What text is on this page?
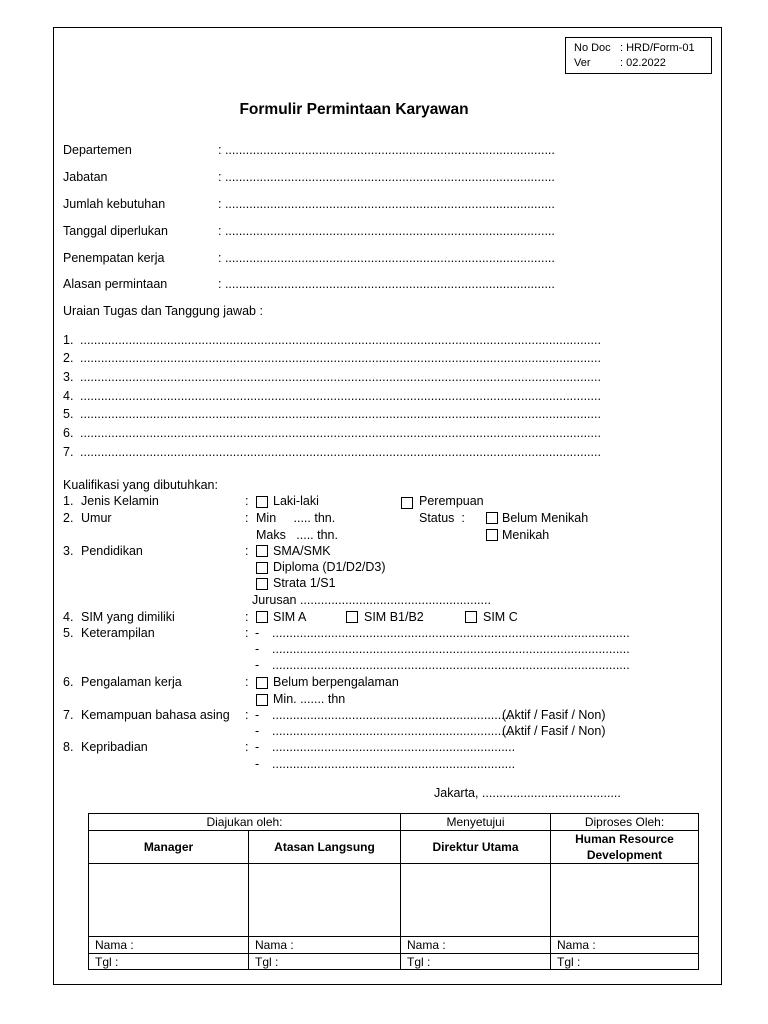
No Doc : HRD/Form-01
Ver	: 02.2022
Formulir Permintaan Karyawan
Departemen	: ...............................................................................................
Jabatan	: ...............................................................................................
Jumlah kebutuhan	: ...............................................................................................
Tanggal diperlukan	: ...............................................................................................
Penempatan kerja	: ...............................................................................................
Alasan permintaan	: ...............................................................................................
Uraian Tugas dan Tanggung jawab :
1. ......................................................................................................................................................
2. ......................................................................................................................................................
3. ......................................................................................................................................................
4. ......................................................................................................................................................
5. ......................................................................................................................................................
6. ......................................................................................................................................................
7. ......................................................................................................................................................
Kualifikasi yang dibutuhkan:
1. Jenis Kelamin	: Laki-laki	Perempuan
2. Umur	: Min     ..... thn.
Maks   ..... thn.
Status  :	Belum Menikah
Menikah
3. Pendidikan	: SMA/SMK
Diploma (D1/D2/D3)
Strata 1/S1
Jurusan .......................................................
4. SIM yang dimiliki	: SIM A	SIM B1/B2	SIM C
5. Keterampilan	: - .......................................................................................................
- .......................................................................................................
- .......................................................................................................
6. Pengalaman kerja	: Belum berpengalaman
Min. ....... thn
7. Kemampuan bahasa asing : - ......................................................................
(Aktif / Fasif / Non)
- ......................................................................
(Aktif / Fasif / Non)
8. Kepribadian	: - ......................................................................
- ......................................................................
Jakarta, ........................................
Diajukan oleh:		Menyetujui	Diproses Oleh:
Manager	Atasan Langsung	Direktur Utama	Human Resource Development

Nama :	Nama :	Nama :	Nama :
Tgl :	Tgl :	Tgl :	Tgl :
